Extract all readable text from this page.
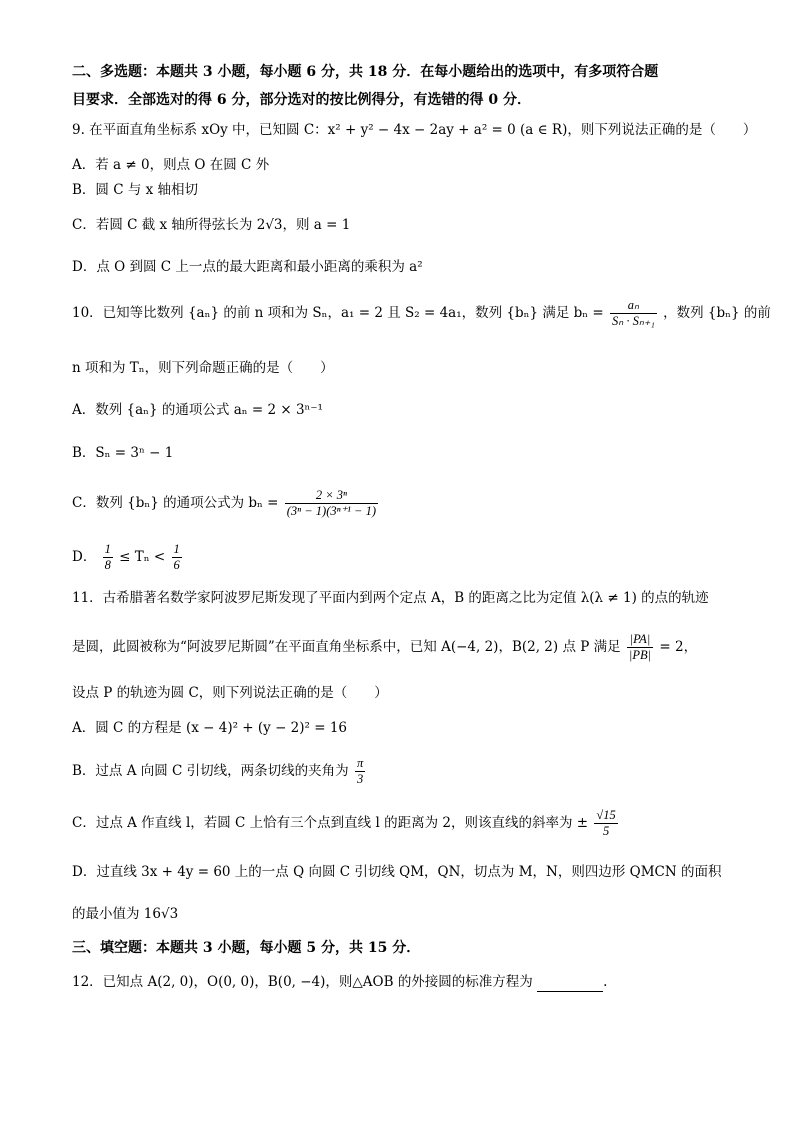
二、多选题：本题共 3 小题，每小题 6 分，共 18 分．在每小题给出的选项中，有多项符合题
目要求．全部选对的得 6 分，部分选对的按比例得分，有选错的得 0 分．
9. 在平面直角坐标系 xOy 中，已知圆 C：x² + y² − 4x − 2ay + a² = 0 (a ∈ R)，则下列说法正确的是（　　）
A．若 a ≠ 0，则点 O 在圆 C 外
B．圆 C 与 x 轴相切
C．若圆 C 截 x 轴所得弦长为 2√3，则 a = 1
D．点 O 到圆 C 上一点的最大距离和最小距离的乘积为 a²
10．已知等比数列 {aₙ} 的前 n 项和为 Sₙ，a₁ = 2 且 S₂ = 4a₁，数列 {bₙ} 满足 $b_n = \frac{\text{aₙ}}{\text{Sₙ · Sₙ₊₁}}$ ，数列 {bₙ} 的前
n 项和为 Tₙ，则下列命题正确的是（　　）
A．数列 {aₙ} 的通项公式 aₙ = 2 × 3ⁿ⁻¹
B．Sₙ = 3ⁿ − 1
C．数列 {bₙ} 的通项公式为 $b_n = \frac{\text{2 × 3ⁿ}}{\text{(3ⁿ − 1)(3ⁿ⁺¹ − 1)}}$
D． $\frac{1}{8} \le T_n < \frac{1}{6}$
11．古希腊著名数学家阿波罗尼斯发现了平面内到两个定点 A，B 的距离之比为定值 λ(λ ≠ 1) 的点的轨迹
是圆，此圆被称为“阿波罗尼斯圆”在平面直角坐标系中，已知 A(−4, 2)，B(2, 2) 点 P 满足 $\frac{|PA|}{|PB|} = 2$，
设点 P 的轨迹为圆 C，则下列说法正确的是（　　）
A．圆 C 的方程是 (x − 4)² + (y − 2)² = 16
B．过点 A 向圆 C 引切线，两条切线的夹角为 $\frac{\pi}{3}$
C．过点 A 作直线 l，若圆 C 上恰有三个点到直线 l 的距离为 2，则该直线的斜率为 ± $\frac{√15}{5}$
D．过直线 3x + 4y = 60 上的一点 Q 向圆 C 引切线 QM，QN，切点为 M，N，则四边形 QMCN 的面积
的最小值为 16√3
三、填空题：本题共 3 小题，每小题 5 分，共 15 分．
12．已知点 A(2, 0)，O(0, 0)，B(0, −4)，则△AOB 的外接圆的标准方程为	.
